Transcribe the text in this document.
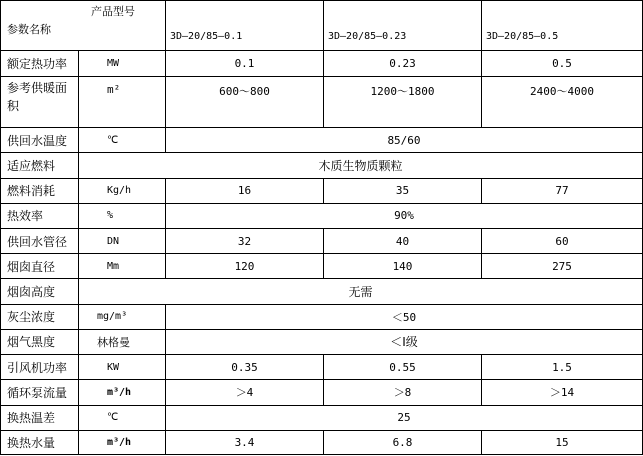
产品型号
参数名称		3D—20/85—0.1	3D—20/85—0.23	3D—20/85—0.5
额定热功率	MW	0.1	0.23	0.5
参考供暖面积	m²	600～800	1200～1800	2400～4000
供回水温度	℃	85/60		
适应燃料	木质生物质颗粒			
燃料消耗	Kg/h	16	35	77
热效率	%	90%		
供回水管径	DN	32	40	60
烟囱直径	Mm	120	140	275
烟囱高度	无需			
灰尘浓度	mg/m³	＜50		
烟气黑度	林格曼	＜I级		
引风机功率	KW	0.35	0.55	1.5
循环泵流量	m³/h	＞4	＞8	＞14
换热温差	℃	25		
换热水量	m³/h	3.4	6.8	15
